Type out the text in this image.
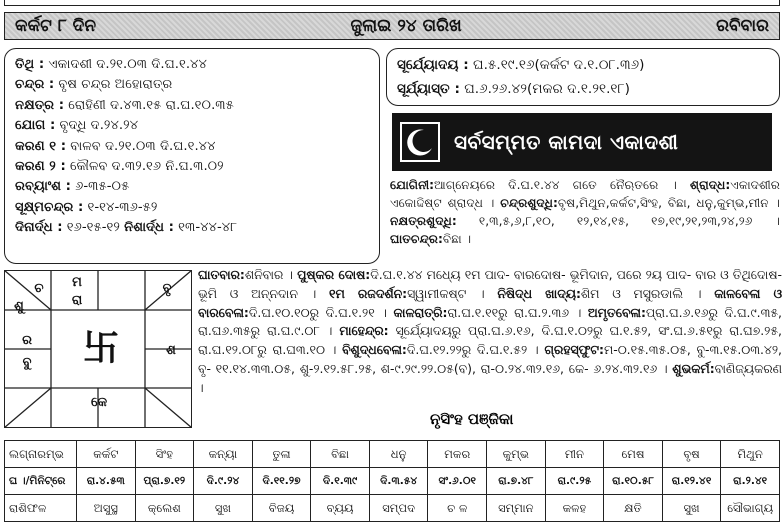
କର୍କଟ ୮ ଦିନ	ଜୁଲାଇ ୨୪ ତାରିଖ	ରବିବାର
ତିଥି : ଏକାଦଶୀ ଦ.୨୧.୦୩ ଦି.ଘ.୧.୪୪
ଚନ୍ଦ୍ର : ବୃଷ ଚନ୍ଦ୍ର ଅହୋରାତ୍ର
ନକ୍ଷତ୍ର : ରୋହିଣୀ ଦ.୪୩.୧୫ ରା.ଘ.୧୦.୩୫
ଯୋଗ : ବୃଦ୍ଧି ଦ.୨୪.୨୪
କରଣ ୧ : ବାଳବ ଦ.୨୧.୦୩ ଦି.ଘ.୧.୪୪
କରଣ ୨ : କୌଳବ ଦ.୩୨.୧୬ ନି.ଘ.୩.୦୨
ରବ୍ୟାଂଶ : ୬-୩୫-୦୫
ସୂକ୍ଷ୍ମଚନ୍ଦ୍ର : ୧-୧୪-୩୬-୫୨
ଦିନାର୍ଦ୍ଧ : ୧୬-୧୫-୧୨ ନିଶାର୍ଦ୍ଧ : ୧୩-୪୪-୪୮
ସୂର୍ଯ୍ୟୋଦୟ : ଘ.୫.୧୯.୧୬(କର୍କଟ ଦ.୧.୦୮.୩୬)
ସୂର୍ଯ୍ୟାସ୍ତ : ଘ.୬.୨୬.୪୨(ମକର ଦ.୧.୨୧.୧୮)
ସର୍ବସମ୍ମତ କାମଦା ଏକାଦଶୀ
ଯୋଗିନୀ:ଆଗ୍ନେୟରେ ଦି.ଘ.୧.୪୪ ଗତେ ନୈଋତରେ । ଶ୍ରାଦ୍ଧ:ଏକାଦଶୀର ଏକୋଦ୍ଦିଷ୍ଟ ଶ୍ରାଦ୍ଧ । ଚନ୍ଦ୍ରଶୁଦ୍ଧି:ବୃଷ,ମିଥୁନ,କର୍କଟ,ସିଂହ, ବିଛା, ଧନୁ,କୁମ୍ଭ,ମୀନ । ନକ୍ଷତ୍ରଶୁଦ୍ଧି: ୧,୩,୫,୬,୮,୧୦, ୧୨,୧୪,୧୫, ୧୭,୧୯,୨୧,୨୩,୨୪,୨୬ । ଘାତଚନ୍ଦ୍ର:ବିଛା ।
ଚ	ମ
ରା
ବୃ
ଶୁ
ର
ବୁ
ଶ
କେ
卐
ଘାତବାର:ଶନିବାର । ପୁଷ୍କର ଦୋଷ:ଦି.ଘ.୧.୪୪ ମଧ୍ୟେ ୧ମ ପାଦ- ବାରଦୋଷ- ଭୂମିଦାନ, ପରେ ୨ୟ ପାଦ- ବାର ଓ ତିଥିଦୋଷ- ଭୂମି ଓ ଅନ୍ନଦାନ । ୧ମ ରଜଦର୍ଶନ:ସ୍ୱାମୀକଷ୍ଟ । ନିଷିଦ୍ଧ ଖାଦ୍ୟ:ଶିମ ଓ ମସୁରଡାଲି । କାଳବେଳା ଓ ବାରବେଳା:ଦି.ଘ.୧୦.୧୦ରୁ ଦି.ଘ.୧.୨୧ । କାଳରାତ୍ରି:ରା.ଘ.୧.୧୧ରୁ ରା.ଘ.୨.୩୬ । ଅମୃତବେଳା:ପ୍ରା.ଘ.୬.୧୬ରୁ ଦି.ଘ.୯.୩୫, ରା.ଘ୬.୩୫ରୁ ରା.ଘ.୯.୦୮ । ମାହେନ୍ଦ୍ର: ସୂର୍ଯ୍ୟୋଦୟରୁ ପ୍ରା.ଘ.୬.୧୬, ଦି.ଘ.୧.୦୨ରୁ ଘ.୧.୫୨, ସଂ.ଘ.୬.୫୧ରୁ ରା.ଘ୭.୨୫, ରା.ଘ.୧୨.୦୮ରୁ ରା.ଘ୩.୧୦ । ବିଶୁଦ୍ଧବେଳା:ଦି.ଘ.୧୨.୨୨ରୁ ଦି.ଘ.୧.୫୨ । ଗ୍ରହସ୍ଫୁଟ:ମ-୦.୧୫.୩୫.୦୫, ବୁ-୩.୧୫.୦୩.୪୨, ବୃ- ୧୧.୧୪.୩୩.୦୫, ଶୁ-୨.୧୨.୫୮.୨୫, ଶ-୯.୨୯.୨୨.୦୫(ବ), ରା-୦.୨୪.୩୨.୧୬, କେ- ୬.୨୪.୩୨.୧୬ । ଶୁଭକର୍ମ:ବାଣିଜ୍ୟକରଣ ।
ନୃସିଂହ ପଞ୍ଜିକା
ଲଗ୍ନାରମ୍ଭ	କର୍କଟ	ସିଂହ	କନ୍ୟା	ତୁଳା	ବିଛା	ଧନୁ	ମକର	କୁମ୍ଭ	ମୀନ	ମେଷ	ବୃଷ	ମିଥୁନ
ଘ ।/ମିନିଟ୍‌ରେ	ରା.୪.୫୩	ପ୍ରା.୭.୧୨	ଦି.୯.୨୪	ଦି.୧୧.୨୭	ଦି.୧.୩୯	ଦି.୩.୫୪	ସଂ.୬.୦୧	ରା.୭.୪୮	ରା.୯.୨୫	ରା.୧୦.୫୮	ରା.୧୨.୪୧	ରା.୨.୪୧
ରାଶିଫଳ	ଅସୁସ୍ଥ	କ୍ଲେଶ	ସୁଖ	ବିଜୟ	ବ୍ୟୟ	ସମ୍ପଦ	ଚ ଳ	ସମ୍ମାନ	କଳହ	କ୍ଷତି	ସୁଖ	ସୌଭାଗ୍ୟ
